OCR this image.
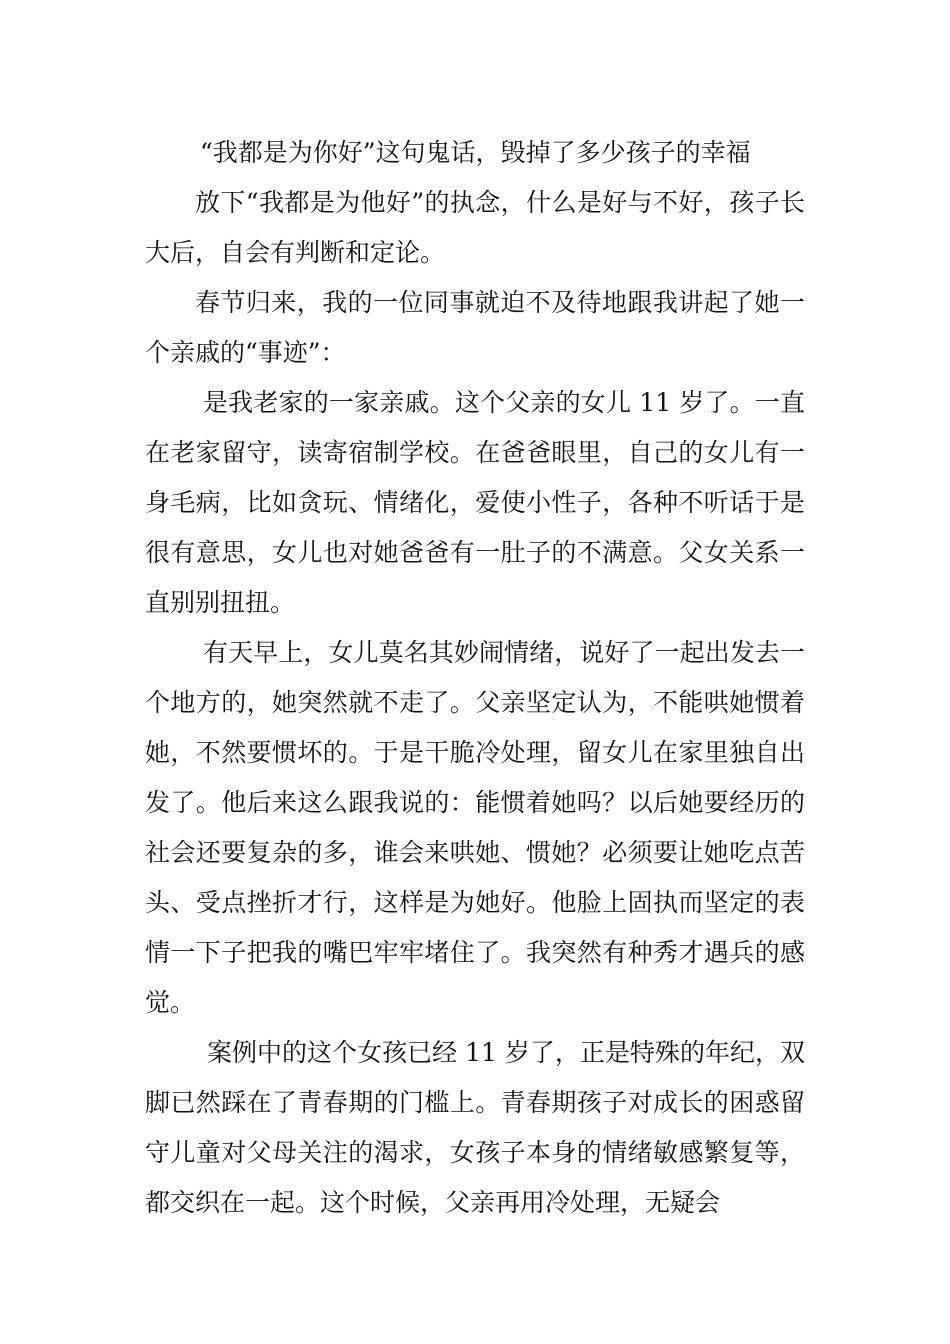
“我都是为你好”这句鬼话，毁掉了多少孩子的幸福

放下“我都是为他好”的执念，什么是好与不好，孩子长大后，自会有判断和定论。

春节归来，我的一位同事就迫不及待地跟我讲起了她一个亲戚的“事迹”：

是我老家的一家亲戚。这个父亲的女儿 11 岁了。一直在老家留守，读寄宿制学校。在爸爸眼里，自己的女儿有一身毛病，比如贪玩、情绪化，爱使小性子，各种不听话于是很有意思，女儿也对她爸爸有一肚子的不满意。父女关系一直别别扭扭。

有天早上，女儿莫名其妙闹情绪，说好了一起出发去一个地方的，她突然就不走了。父亲坚定认为，不能哄她惯着她，不然要惯坏的。于是干脆冷处理，留女儿在家里独自出发了。他后来这么跟我说的：能惯着她吗？以后她要经历的社会还要复杂的多，谁会来哄她、惯她？必须要让她吃点苦头、受点挫折才行，这样是为她好。他脸上固执而坚定的表情一下子把我的嘴巴牢牢堵住了。我突然有种秀才遇兵的感觉。

案例中的这个女孩已经 11 岁了，正是特殊的年纪，双脚已然踩在了青春期的门槛上。青春期孩子对成长的困惑留守儿童对父母关注的渴求，女孩子本身的情绪敏感繁复等，都交织在一起。这个时候，父亲再用冷处理，无疑会
